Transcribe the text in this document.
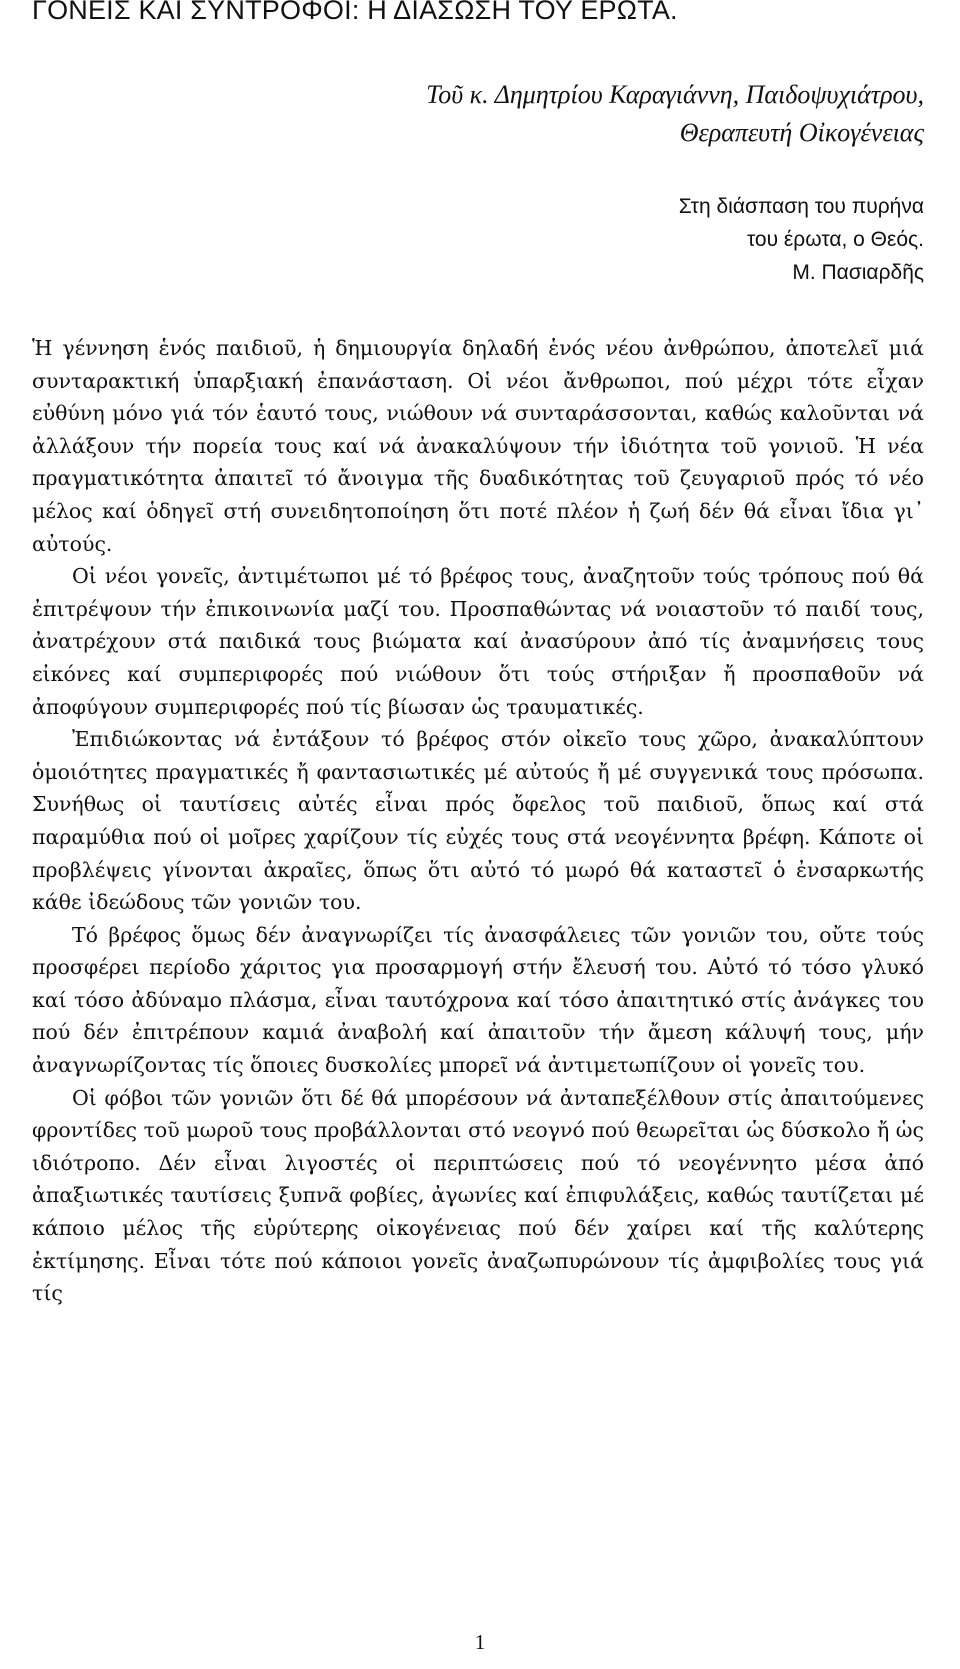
ΓΟΝΕΙΣ ΚΑΙ ΣΥΝΤΡΟΦΟΙ: Η ΔΙΑΣΩΣΗ ΤΟΥ ΕΡΩΤΑ.
Τοῦ κ. Δημητρίου Καραγιάννη, Παιδοψυχιάτρου,
Θεραπευτή Οἰκογένειας
Στη διάσπαση του πυρήνα
του έρωτα, ο Θεός.
Μ. Πασιαρδῆς

Ἡ γέννηση ἑνός παιδιοῦ, ἡ δημιουργία δηλαδή ἑνός νέου ἀνθρώπου, ἀποτελεῖ μιά συνταρακτική ὑπαρξιακή ἐπανάσταση. Οἱ νέοι ἄνθρωποι, πού μέχρι τότε εἶχαν εὐθύνη μόνο γιά τόν ἑαυτό τους, νιώθουν νά συνταράσσονται, καθώς καλοῦνται νά ἀλλάξουν τήν πορεία τους καί νά ἀνακαλύψουν τήν ἰδιότητα τοῦ γονιοῦ. Ἡ νέα πραγματικότητα ἀπαιτεῖ τό ἄνοιγμα τῆς δυαδικότητας τοῦ ζευγαριοῦ πρός τό νέο μέλος καί ὁδηγεῖ στή συνειδητοποίηση ὅτι ποτέ πλέον ἡ ζωή δέν θά εἶναι ἴδια γι᾽ αὐτούς.

Οἱ νέοι γονεῖς, ἀντιμέτωποι μέ τό βρέφος τους, ἀναζητοῦν τούς τρόπους πού θά ἐπιτρέψουν τήν ἐπικοινωνία μαζί του. Προσπαθώντας νά νοιαστοῦν τό παιδί τους, ἀνατρέχουν στά παιδικά τους βιώματα καί ἀνασύρουν ἀπό τίς ἀναμνήσεις τους εἰκόνες καί συμπεριφορές πού νιώθουν ὅτι τούς στήριξαν ἤ προσπαθοῦν νά ἀποφύγουν συμπεριφορές πού τίς βίωσαν ὡς τραυματικές.

Ἐπιδιώκοντας νά ἐντάξουν τό βρέφος στόν οἰκεῖο τους χῶρο, ἀνακαλύπτουν ὁμοιότητες πραγματικές ἤ φαντασιωτικές μέ αὐτούς ἤ μέ συγγενικά τους πρόσωπα. Συνήθως οἱ ταυτίσεις αὐτές εἶναι πρός ὄφελος τοῦ παιδιοῦ, ὅπως καί στά παραμύθια πού οἱ μοῖρες χαρίζουν τίς εὐχές τους στά νεογέννητα βρέφη. Κάποτε οἱ προβλέψεις γίνονται ἀκραῖες, ὅπως ὅτι αὐτό τό μωρό θά καταστεῖ ὁ ἐνσαρκωτής κάθε ἰδεώδους τῶν γονιῶν του.

Τό βρέφος ὅμως δέν ἀναγνωρίζει τίς ἀνασφάλειες τῶν γονιῶν του, οὔτε τούς προσφέρει περίοδο χάριτος για προσαρμογή στήν ἔλευσή του. Αὐτό τό τόσο γλυκό καί τόσο ἀδύναμο πλάσμα, εἶναι ταυτόχρονα καί τόσο ἀπαιτητικό στίς ἀνάγκες του πού δέν ἐπιτρέπουν καμιά ἀναβολή καί ἀπαιτοῦν τήν ἄμεση κάλυψή τους, μήν ἀναγνωρίζοντας τίς ὅποιες δυσκολίες μπορεῖ νά ἀντιμετωπίζουν οἱ γονεῖς του.

Οἱ φόβοι τῶν γονιῶν ὅτι δέ θά μπορέσουν νά ἀνταπεξέλθουν στίς ἀπαιτούμενες φροντίδες τοῦ μωροῦ τους προβάλλονται στό νεογνό πού θεωρεῖται ὡς δύσκολο ἤ ὡς ιδιότροπο. Δέν εἶναι λιγοστές οἱ περιπτώσεις πού τό νεογέννητο μέσα ἀπό ἀπαξιωτικές ταυτίσεις ξυπνᾶ φοβίες, ἀγωνίες καί ἐπιφυλάξεις, καθώς ταυτίζεται μέ κάποιο μέλος τῆς εὐρύτερης οἰκογένειας πού δέν χαίρει καί τῆς καλύτερης ἐκτίμησης. Εἶναι τότε πού κάποιοι γονεῖς ἀναζωπυρώνουν τίς ἀμφιβολίες τους γιά τίς

1
